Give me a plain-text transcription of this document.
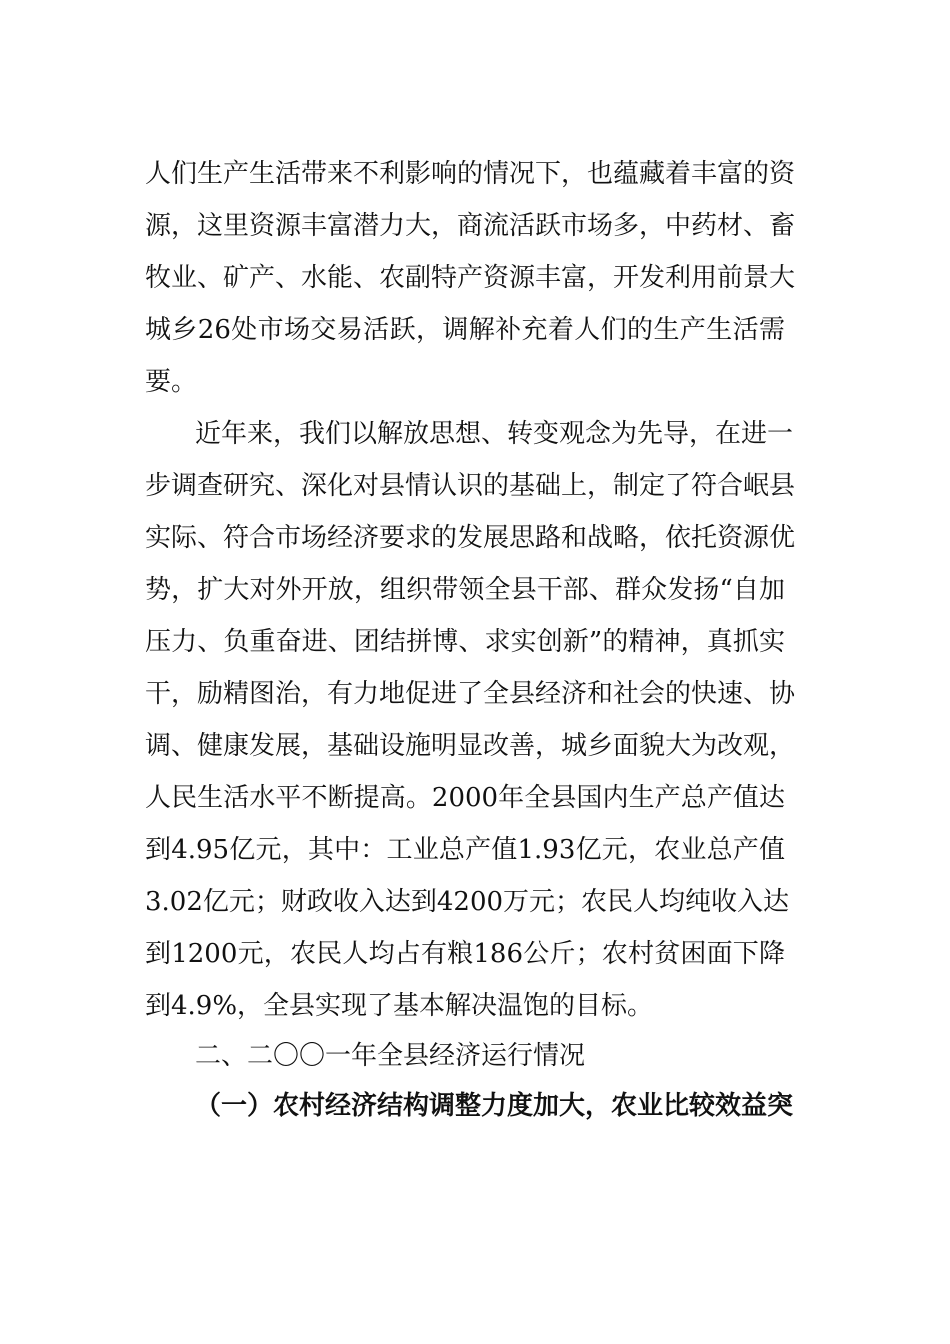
人们生产生活带来不利影响的情况下，也蕴藏着丰富的资
源，这里资源丰富潜力大，商流活跃市场多，中药材、畜
牧业、矿产、水能、农副特产资源丰富，开发利用前景大
城乡26处市场交易活跃，调解补充着人们的生产生活需
要。
近年来，我们以解放思想、转变观念为先导，在进一
步调查研究、深化对县情认识的基础上，制定了符合岷县
实际、符合市场经济要求的发展思路和战略，依托资源优
势，扩大对外开放，组织带领全县干部、群众发扬“自加
压力、负重奋进、团结拼博、求实创新”的精神，真抓实
干，励精图治，有力地促进了全县经济和社会的快速、协
调、健康发展，基础设施明显改善，城乡面貌大为改观，
人民生活水平不断提高。2000年全县国内生产总产值达
到4.95亿元，其中：工业总产值1.93亿元，农业总产值
3.02亿元；财政收入达到4200万元；农民人均纯收入达
到1200元，农民人均占有粮186公斤；农村贫困面下降
到4.9%，全县实现了基本解决温饱的目标。
二、二〇〇一年全县经济运行情况
（一）农村经济结构调整力度加大，农业比较效益突
